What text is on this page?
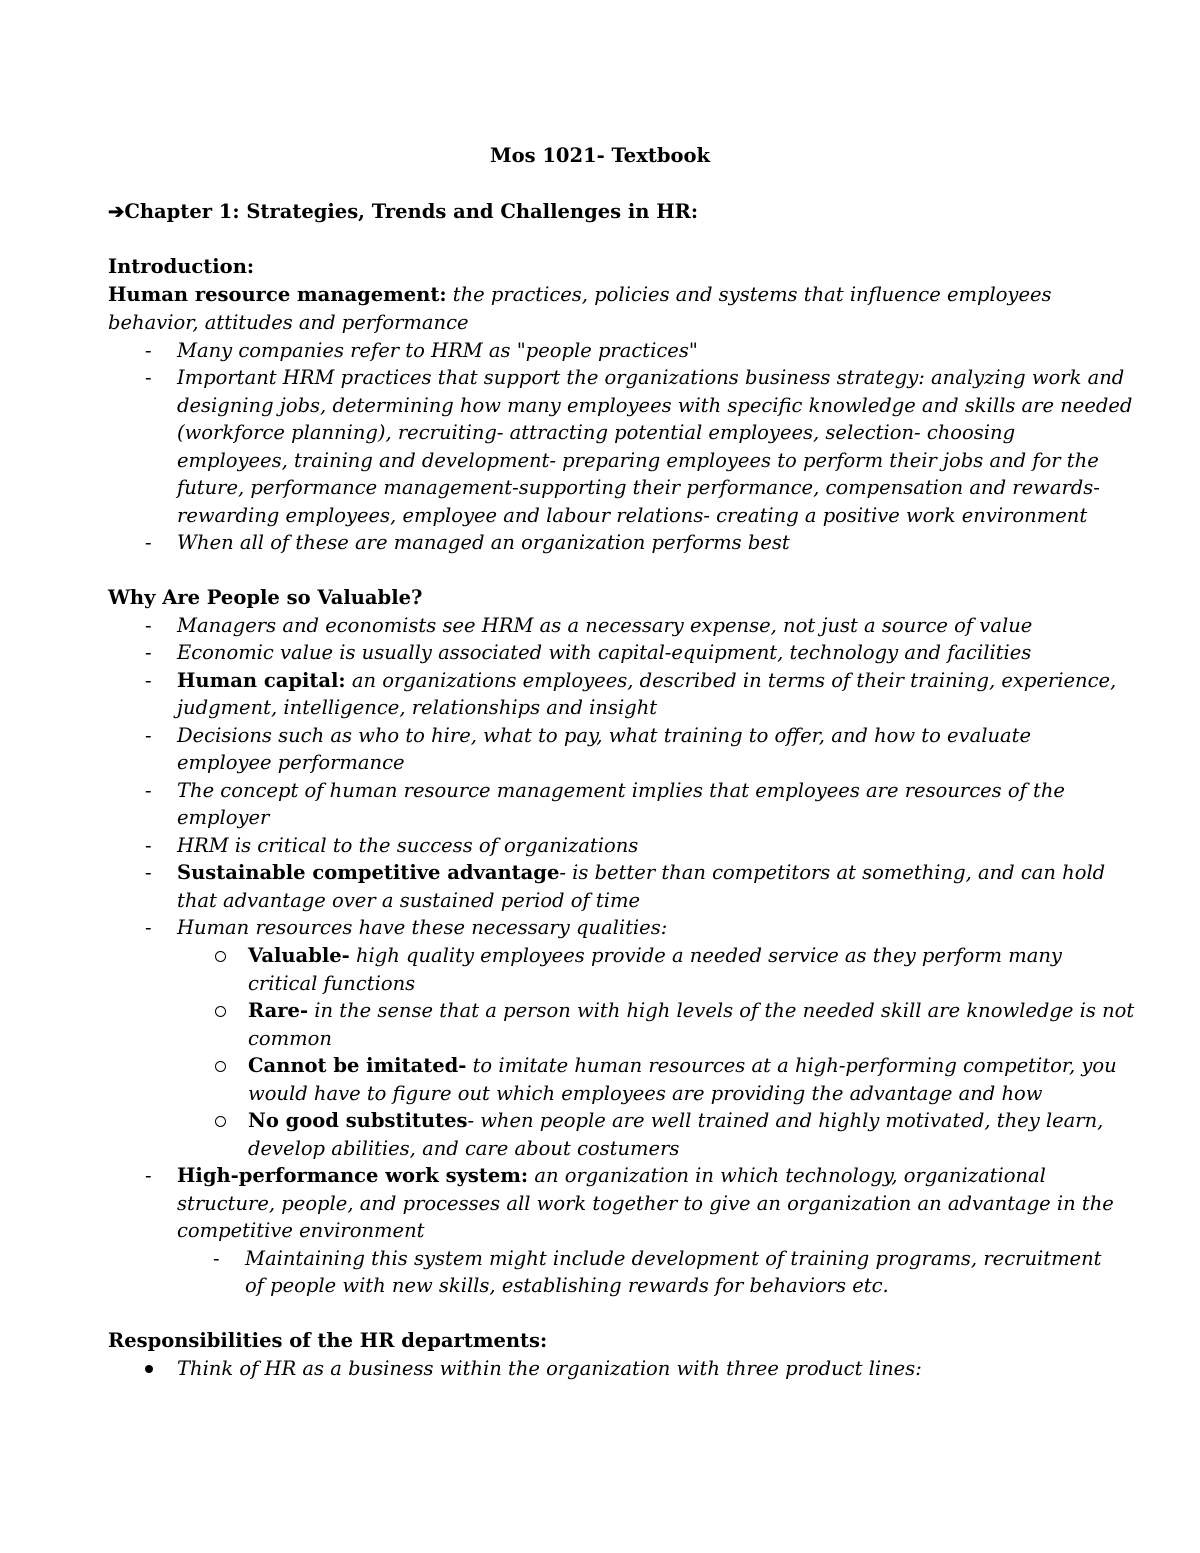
Mos 1021- Textbook
➔Chapter 1: Strategies, Trends and Challenges in HR:
Introduction:
Human resource management: the practices, policies and systems that influence employees
behavior, attitudes and performance
- Many companies refer to HRM as "people practices"
- Important HRM practices that support the organizations business strategy: analyzing work and
designing jobs, determining how many employees with specific knowledge and skills are needed
(workforce planning), recruiting- attracting potential employees, selection- choosing
employees, training and development- preparing employees to perform their jobs and for the
future, performance management-supporting their performance, compensation and rewards-
rewarding employees, employee and labour relations- creating a positive work environment
- When all of these are managed an organization performs best
Why Are People so Valuable?
- Managers and economists see HRM as a necessary expense, not just a source of value
- Economic value is usually associated with capital-equipment, technology and facilities
- Human capital: an organizations employees, described in terms of their training, experience,
judgment, intelligence, relationships and insight
- Decisions such as who to hire, what to pay, what training to offer, and how to evaluate
employee performance
- The concept of human resource management implies that employees are resources of the
employer
- HRM is critical to the success of organizations
- Sustainable competitive advantage- is better than competitors at something, and can hold
that advantage over a sustained period of time
- Human resources have these necessary qualities:
Valuable- high quality employees provide a needed service as they perform many
critical functions
Rare- in the sense that a person with high levels of the needed skill are knowledge is not
common
Cannot be imitated- to imitate human resources at a high-performing competitor, you
would have to figure out which employees are providing the advantage and how
No good substitutes- when people are well trained and highly motivated, they learn,
develop abilities, and care about costumers
- High-performance work system: an organization in which technology, organizational
structure, people, and processes all work together to give an organization an advantage in the
competitive environment
- Maintaining this system might include development of training programs, recruitment
of people with new skills, establishing rewards for behaviors etc.
Responsibilities of the HR departments:
Think of HR as a business within the organization with three product lines:
